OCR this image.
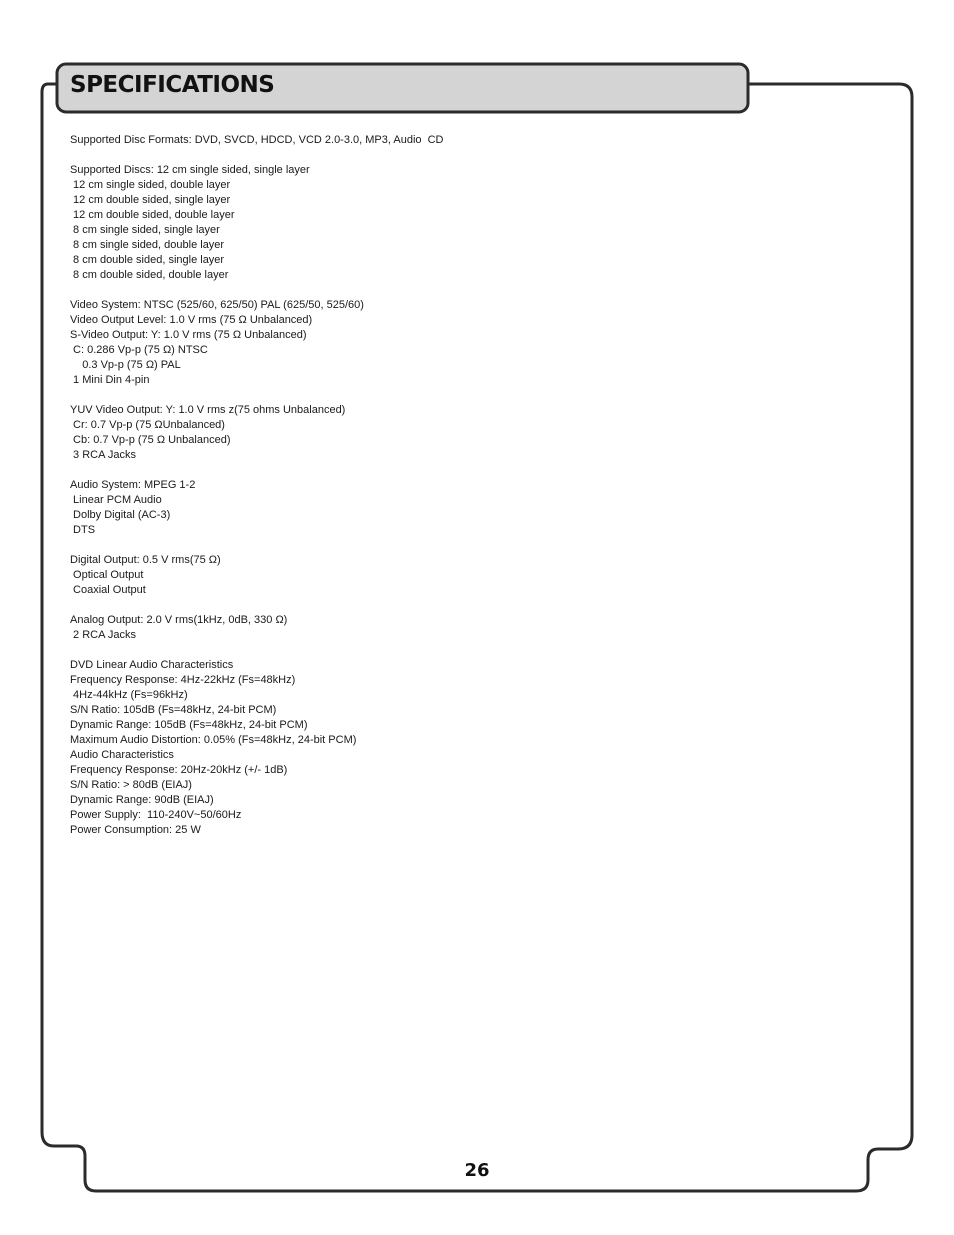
SPECIFICATIONS
Supported Disc Formats: DVD, SVCD, HDCD, VCD 2.0-3.0, MP3, Audio  CD
Supported Discs: 12 cm single sided, single layer
12 cm single sided, double layer
12 cm double sided, single layer
12 cm double sided, double layer
8 cm single sided, single layer
8 cm single sided, double layer
8 cm double sided, single layer
8 cm double sided, double layer
Video System: NTSC (525/60, 625/50) PAL (625/50, 525/60)
Video Output Level: 1.0 V rms (75 Ω Unbalanced)
S-Video Output: Y: 1.0 V rms (75 Ω Unbalanced)
C: 0.286 Vp-p (75 Ω) NTSC
0.3 Vp-p (75 Ω) PAL
1 Mini Din 4-pin
YUV Video Output: Y: 1.0 V rms z(75 ohms Unbalanced)
Cr: 0.7 Vp-p (75 ΩUnbalanced)
Cb: 0.7 Vp-p (75 Ω Unbalanced)
3 RCA Jacks
Audio System: MPEG 1-2
Linear PCM Audio
Dolby Digital (AC-3)
DTS
Digital Output: 0.5 V rms(75 Ω)
Optical Output
Coaxial Output
Analog Output: 2.0 V rms(1kHz, 0dB, 330 Ω)
2 RCA Jacks
DVD Linear Audio Characteristics
Frequency Response: 4Hz-22kHz (Fs=48kHz)
4Hz-44kHz (Fs=96kHz)
S/N Ratio: 105dB (Fs=48kHz, 24-bit PCM)
Dynamic Range: 105dB (Fs=48kHz, 24-bit PCM)
Maximum Audio Distortion: 0.05% (Fs=48kHz, 24-bit PCM)
Audio Characteristics
Frequency Response: 20Hz-20kHz (+/- 1dB)
S/N Ratio: > 80dB (EIAJ)
Dynamic Range: 90dB (EIAJ)
Power Supply:  110-240V~50/60Hz
Power Consumption: 25 W
26
